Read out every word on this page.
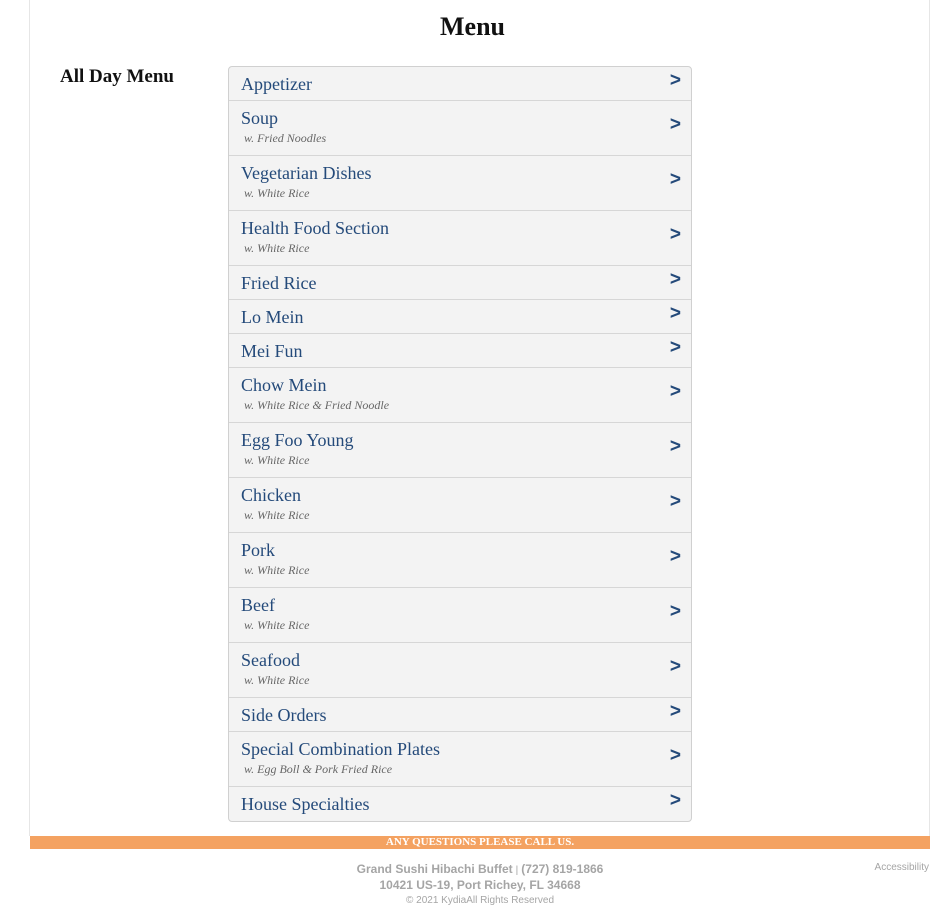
Menu
All Day Menu	Appetizer	>
Soup
w. Fried Noodles
>
Vegetarian Dishes
w. White Rice
>
Health Food Section
w. White Rice
>
Fried Rice	>
Lo Mein	>
Mei Fun	>
Chow Mein
w. White Rice & Fried Noodle
>
Egg Foo Young
w. White Rice
>
Chicken
w. White Rice
>
Pork
w. White Rice
>
Beef
w. White Rice
>
Seafood
w. White Rice
>
Side Orders	>
Special Combination Plates
w. Egg Boll & Pork Fried Rice
>
House Specialties	>
ANY QUESTIONS PLEASE CALL US.
Grand Sushi Hibachi Buffet | (727) 819-1866
10421 US-19, Port Richey, FL 34668
© 2021 KydiaAll Rights Reserved
Accessibility
